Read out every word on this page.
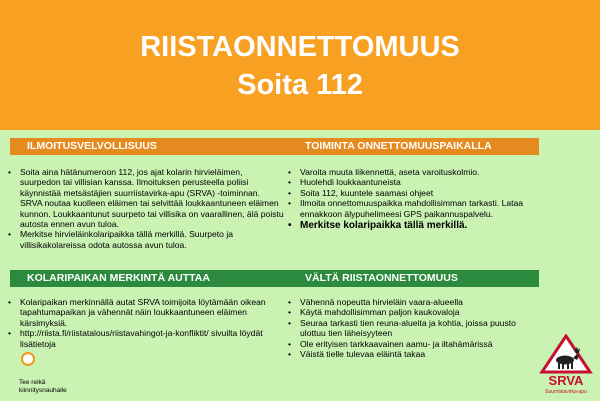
RIISTAONNETTOMUUS
Soita 112
ILMOITUSVELVOLLISUUS
• Soita aina hätänumeroon 112, jos ajat kolarin hirvieläimen, suurpedon tai villisian kanssa. Ilmoituksen perusteella poliisi käynnistää metsästäjien suurriistavirka-apu (SRVA) -toiminnan. SRVA noutaa kuolleen eläimen tai selvittää loukkaantuneen eläimen kunnon. Loukkaantunut suurpeto tai villisika on vaarallinen, älä poistu autosta ennen avun tuloa.
• Merkitse hirvieläinkolaripaikka tällä merkillä. Suurpeto ja villisikakolareissa odota autossa avun tuloa.
TOIMINTA ONNETTOMUUSPAIKALLA
• Varoita muuta liikennettä, aseta varoituskolmio.
• Huolehdi loukkaantuneista
• Soita 112, kuuntele saamasi ohjeet
• Ilmoita onnettomuuspaikka mahdollisimman tarkasti. Lataa ennakkoon älypuhelimeesi GPS paikannuspalvelu.
• Merkitse kolaripaikka tällä merkillä.
KOLARIPAIKAN MERKINTÄ AUTTAA
• Kolaripaikan merkinnällä autat SRVA toimijoita löytämään oikean tapahtumapaikan ja vähennät näin loukkaantuneen eläimen kärsimyksiä.
• http://riista.fi/riistatalous/riistavahingot-ja-konfliktit/ sivuilta löydät lisätietoja
VÄLTÄ RIISTAONNETTOMUUS
• Vähennä nopeutta hirvieläin vaara-alueella
• Käytä mahdollisimman paljon kaukovaloja
• Seuraa tarkasti tien reuna-alueita ja kohtia, joissa puusto ulottuu tien läheisyyteen
• Ole erityisen tarkkaavainen aamu- ja iltahämärissä
• Väistä tielle tulevaa eläintä takaa
Tee reikä
kiinnitysnauhalle
SRVA
Suurriistavirka-apu
